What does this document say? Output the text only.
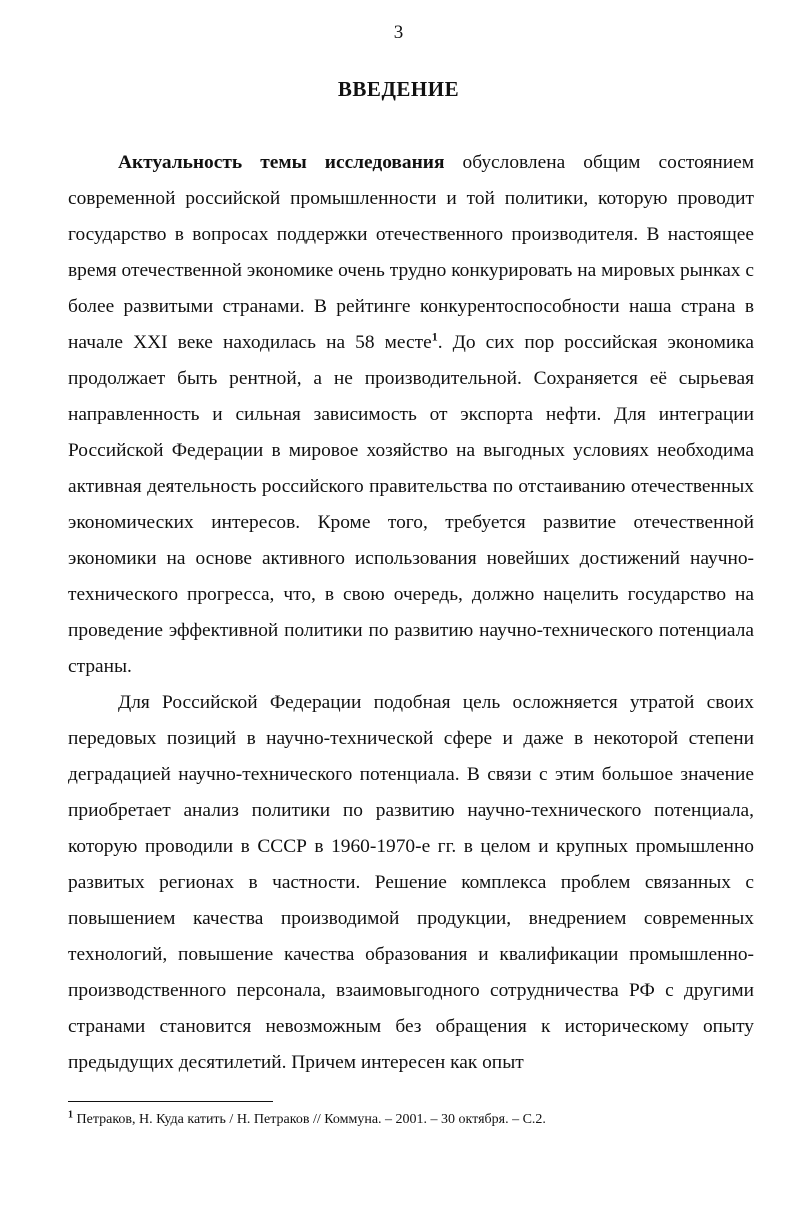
3
ВВЕДЕНИЕ

Актуальность темы исследования обусловлена общим состоянием современной российской промышленности и той политики, которую проводит государство в вопросах поддержки отечественного производителя. В настоящее время отечественной экономике очень трудно конкурировать на мировых рынках с более развитыми странами. В рейтинге конкурентоспособности наша страна в начале XXI веке находилась на 58 месте$^1$. До сих пор российская экономика продолжает быть рентной, а не производительной. Сохраняется её сырьевая направленность и сильная зависимость от экспорта нефти. Для интеграции Российской Федерации в мировое хозяйство на выгодных условиях необходима активная деятельность российского правительства по отстаиванию отечественных экономических интересов. Кроме того, требуется развитие отечественной экономики на основе активного использования новейших достижений научно-технического прогресса, что, в свою очередь, должно нацелить государство на проведение эффективной политики по развитию научно-технического потенциала страны.

Для Российской Федерации подобная цель осложняется утратой своих передовых позиций в научно-технической сфере и даже в некоторой степени деградацией научно-технического потенциала. В связи с этим большое значение приобретает анализ политики по развитию научно-технического потенциала, которую проводили в СССР в 1960-1970-е гг. в целом и крупных промышленно развитых регионах в частности. Решение комплекса проблем связанных с повышением качества производимой продукции, внедрением современных технологий, повышение качества образования и квалификации промышленно-производственного персонала, взаимовыгодного сотрудничества РФ с другими странами становится невозможным без обращения к историческому опыту предыдущих десятилетий. Причем интересен как опыт

$^1$ Петраков, Н. Куда катить / Н. Петраков // Коммуна. – 2001. – 30 октября. – С.2.
